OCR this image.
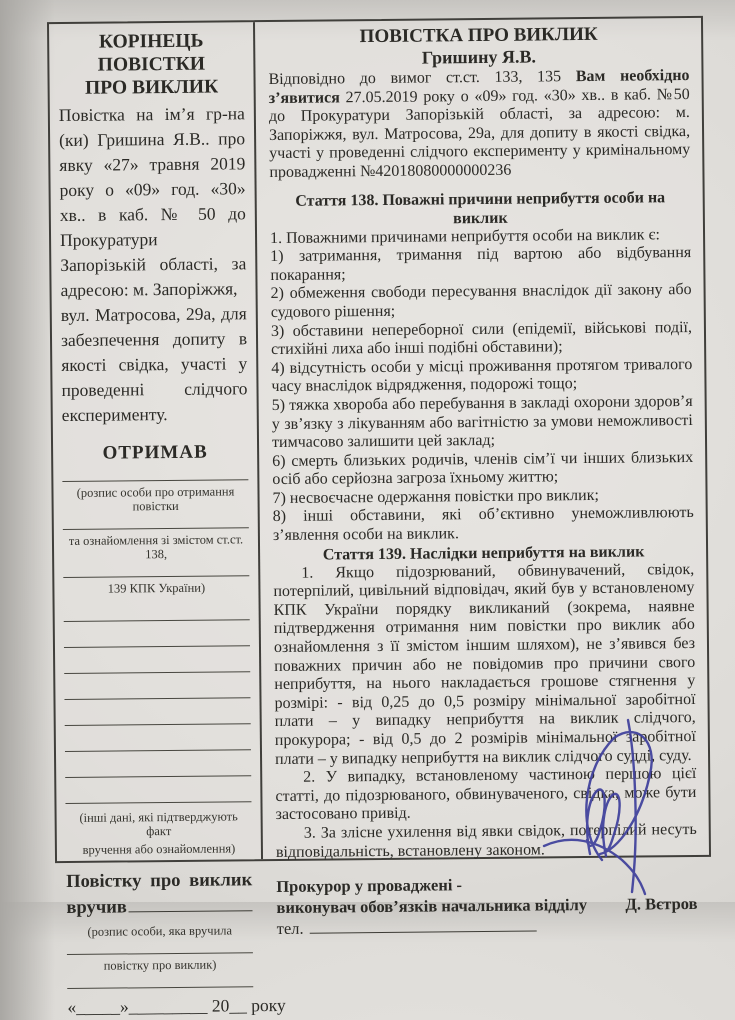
КОРІНЕЦЬ ПОВІСТКИ
ПРО ВИКЛИК

Повістка на ім’я гр-на (ки) Гришина Я.В.. про явку «27» травня 2019 року о «09» год. «30» хв.. в каб. № 50 до Прокуратури Запорізькій області, за адресою: м. Запоріжжя,
вул. Матросова, 29а, для забезпечення допиту в якості свідка, участі у проведенні слідчого експерименту.

ОТРИМАВ
(розпис особи про отримання повістки
та ознайомлення зі змістом ст.ст. 138,
139 КПК України)
(інші дані, які підтверджують факт
вручення або ознайомлення)
Повістку про виклик
вручив
(розпис особи, яка вручила
повістку про виклик)
«_____»_________ 20__ року
ПОВІСТКА ПРО ВИКЛИК
Гришину Я.В.

Відповідно до вимог ст.ст. 133, 135 Вам необхідно з’явитися 27.05.2019 року о «09» год. «30» хв.. в каб. №50 до Прокуратури Запорізькій області, за адресою: м. Запоріжжя, вул. Матросова, 29а, для допиту в якості свідка, участі у проведенні слідчого експерименту у кримінальному провадженні №42018080000000236

Стаття 138. Поважні причини неприбуття особи на виклик
1. Поважними причинами неприбуття особи на виклик є:
1) затримання, тримання під вартою або відбування покарання;
2) обмеження свободи пересування внаслідок дії закону або судового рішення;
3) обставини непереборної сили (епідемії, військові події, стихійні лиха або інші подібні обставини);
4) відсутність особи у місці проживання протягом тривалого часу внаслідок відрядження, подорожі тощо;
5) тяжка хвороба або перебування в закладі охорони здоров’я у зв’язку з лікуванням або вагітністю за умови неможливості тимчасово залишити цей заклад;
6) смерть близьких родичів, членів сім’ї чи інших близьких осіб або серйозна загроза їхньому життю;
7) несвоєчасне одержання повістки про виклик;
8) інші обставини, які об’єктивно унеможливлюють з’явлення особи на виклик.
Стаття 139. Наслідки неприбуття на виклик

1. Якщо підозрюваний, обвинувачений, свідок, потерпілий, цивільний відповідач, який був у встановленому КПК України порядку викликаний (зокрема, наявне підтвердження отримання ним повістки про виклик або ознайомлення з її змістом іншим шляхом), не з’явився без поважних причин або не повідомив про причини свого неприбуття, на нього накладається грошове стягнення у розмірі: - від 0,25 до 0,5 розміру мінімальної заробітної плати – у випадку неприбуття на виклик слідчого, прокурора; - від 0,5 до 2 розмірів мінімальної заробітної плати – у випадку неприбуття на виклик слідчого судді, суду.

2. У випадку, встановленому частиною першою цієї статті, до підозрюваного, обвинуваченого, свідка, може бути застосовано привід.

3. За злісне ухилення від явки свідок, потерпілий несуть відповідальність, встановлену законом.

Прокурор у проваджені -
виконувач обов’язків начальника відділу Д. Вєтров
тел.
